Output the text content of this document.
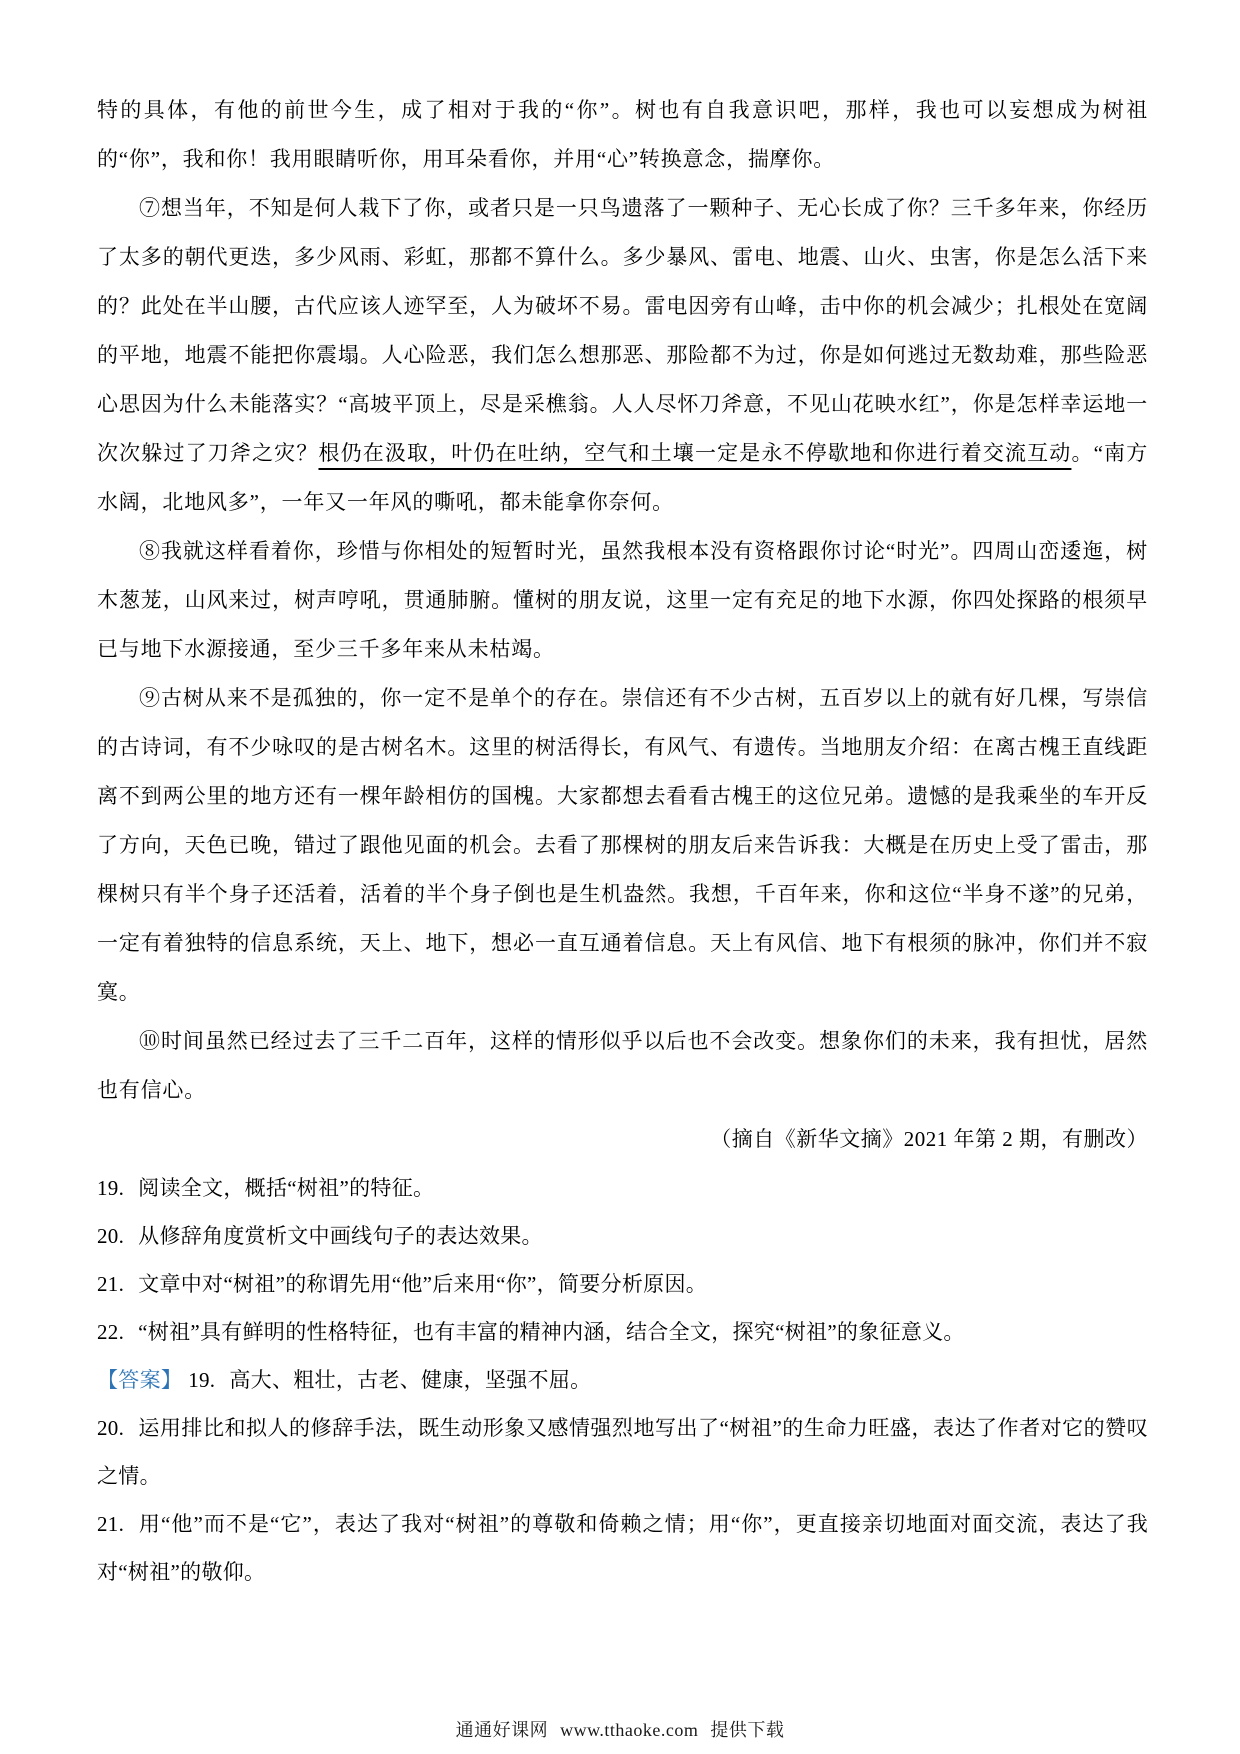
特的具体，有他的前世今生，成了相对于我的“你”。树也有自我意识吧，那样，我也可以妄想成为树祖的“你”，我和你！我用眼睛听你，用耳朵看你，并用“心”转换意念，揣摩你。

⑦想当年，不知是何人栽下了你，或者只是一只鸟遗落了一颗种子、无心长成了你？三千多年来，你经历了太多的朝代更迭，多少风雨、彩虹，那都不算什么。多少暴风、雷电、地震、山火、虫害，你是怎么活下来的？此处在半山腰，古代应该人迹罕至，人为破坏不易。雷电因旁有山峰，击中你的机会减少；扎根处在宽阔的平地，地震不能把你震塌。人心险恶，我们怎么想那恶、那险都不为过，你是如何逃过无数劫难，那些险恶心思因为什么未能落实？“高坡平顶上，尽是采樵翁。人人尽怀刀斧意，不见山花映水红”，你是怎样幸运地一次次躲过了刀斧之灾？根仍在汲取，叶仍在吐纳，空气和土壤一定是永不停歇地和你进行着交流互动。“南方水阔，北地风多”，一年又一年风的嘶吼，都未能拿你奈何。

⑧我就这样看着你，珍惜与你相处的短暂时光，虽然我根本没有资格跟你讨论“时光”。四周山峦逶迤，树木葱茏，山风来过，树声哼吼，贯通肺腑。懂树的朋友说，这里一定有充足的地下水源，你四处探路的根须早已与地下水源接通，至少三千多年来从未枯竭。

⑨古树从来不是孤独的，你一定不是单个的存在。崇信还有不少古树，五百岁以上的就有好几棵，写崇信的古诗词，有不少咏叹的是古树名木。这里的树活得长，有风气、有遗传。当地朋友介绍：在离古槐王直线距离不到两公里的地方还有一棵年龄相仿的国槐。大家都想去看看古槐王的这位兄弟。遗憾的是我乘坐的车开反了方向，天色已晚，错过了跟他见面的机会。去看了那棵树的朋友后来告诉我：大概是在历史上受了雷击，那棵树只有半个身子还活着，活着的半个身子倒也是生机盎然。我想，千百年来，你和这位“半身不遂”的兄弟，一定有着独特的信息系统，天上、地下，想必一直互通着信息。天上有风信、地下有根须的脉冲，你们并不寂寞。

⑩时间虽然已经过去了三千二百年，这样的情形似乎以后也不会改变。想象你们的未来，我有担忧，居然也有信心。

（摘自《新华文摘》2021 年第 2 期，有删改）

19. 阅读全文，概括“树祖”的特征。

20. 从修辞角度赏析文中画线句子的表达效果。

21. 文章中对“树祖”的称谓先用“他”后来用“你”，简要分析原因。

22. “树祖”具有鲜明的性格特征，也有丰富的精神内涵，结合全文，探究“树祖”的象征意义。

【答案】 19. 高大、粗壮，古老、健康，坚强不屈。

20. 运用排比和拟人的修辞手法，既生动形象又感情强烈地写出了“树祖”的生命力旺盛，表达了作者对它的赞叹之情。

21. 用“他”而不是“它”，表达了我对“树祖”的尊敬和倚赖之情；用“你”，更直接亲切地面对面交流，表达了我对“树祖”的敬仰。

通通好课网 www.tthaoke.com 提供下载
